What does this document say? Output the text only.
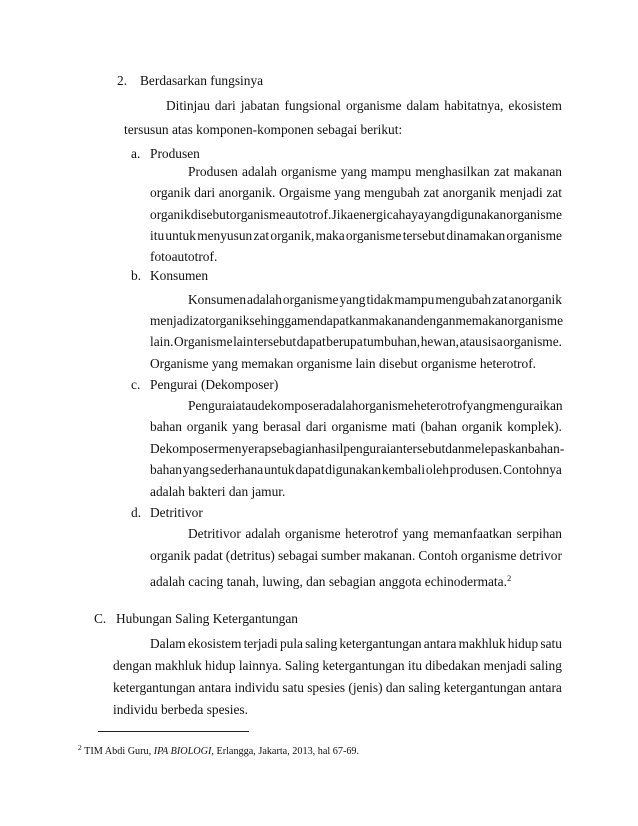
2. Berdasarkan fungsinya
Ditinjau dari jabatan fungsional organisme dalam habitatnya, ekosistem
tersusun atas komponen-komponen sebagai berikut:
a. Produsen
Produsen adalah organisme yang mampu menghasilkan zat makanan
organik dari anorganik. Orgaisme yang mengubah zat anorganik menjadi zat
organik disebut organisme autotrof. Jika energi cahaya yang digunakan organisme
itu untuk menyusun zat organik, maka organisme tersebut dinamakan organisme
fotoautotrof.
b. Konsumen
Konsumen adalah organisme yang tidak mampu mengubah zat anorganik
menjadi zat organik sehingga mendapatkan makanan dengan memakan organisme
lain. Organisme lain tersebut dapat berupa tumbuhan, hewan, atau sisa organisme.
Organisme yang memakan organisme lain disebut organisme heterotrof.
c. Pengurai (Dekomposer)
Pengurai atau dekomposer adalah organisme heterotrof yang menguraikan
bahan organik yang berasal dari organisme mati (bahan organik komplek).
Dekomposer menyerap sebagian hasil penguraian tersebut dan melepaskan bahan-
bahan yang sederhana untuk dapat digunakan kembali oleh produsen. Contohnya
adalah bakteri dan jamur.
d. Detritivor
Detritivor adalah organisme heterotrof yang memanfaatkan serpihan
organik padat (detritus) sebagai sumber makanan. Contoh organisme detrivor
adalah cacing tanah, luwing, dan sebagian anggota echinodermata.$^2$
C. Hubungan Saling Ketergantungan
Dalam ekosistem terjadi pula saling ketergantungan antara makhluk hidup satu
dengan makhluk hidup lainnya. Saling ketergantungan itu dibedakan menjadi saling
ketergantungan antara individu satu spesies (jenis) dan saling ketergantungan antara
individu berbeda spesies.
$^2$ TIM Abdi Guru, IPA BIOLOGI, Erlangga, Jakarta, 2013, hal 67-69.
